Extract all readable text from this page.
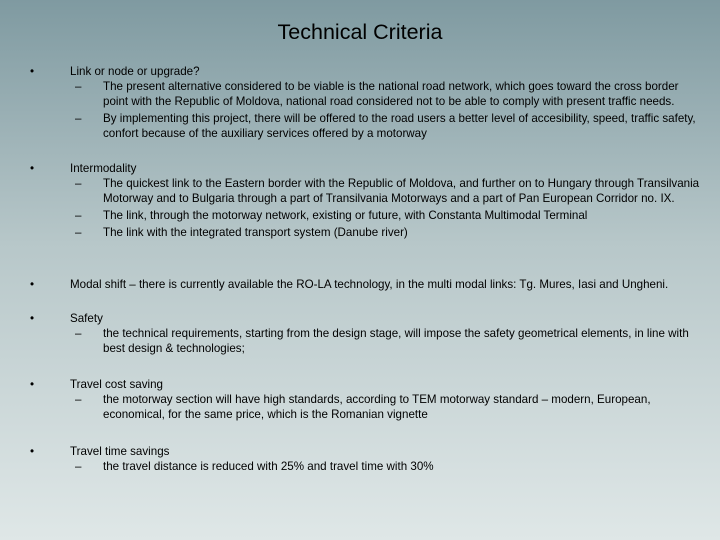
Technical Criteria
•	Link or node or upgrade?
– The present alternative considered to be viable is the national road network, which goes toward the cross border point with the Republic of Moldova, national road considered not to be able to comply with present traffic needs.
– By implementing this project, there will be offered to the road users a better level of accesibility, speed, traffic safety, confort because of the auxiliary services offered by a motorway
•	Intermodality
– The quickest link to the Eastern border with the Republic of Moldova, and further on to Hungary through Transilvania Motorway and to Bulgaria through a part of Transilvania Motorways and a part of Pan European Corridor no. IX.
– The link, through the motorway network, existing or future, with Constanta Multimodal Terminal
– The link with the integrated transport system (Danube river)
•	Modal shift – there is currently available the RO-LA technology, in the multi modal links: Tg. Mures, Iasi and Ungheni.
•	Safety
– the technical requirements, starting from the design stage, will impose the safety geometrical elements, in line with best design & technologies;
•	Travel cost saving
– the motorway section will have high standards, according to TEM motorway standard – modern, European, economical, for the same price, which is the Romanian vignette
•	Travel time savings
– the travel distance is reduced with 25% and travel time with 30%
